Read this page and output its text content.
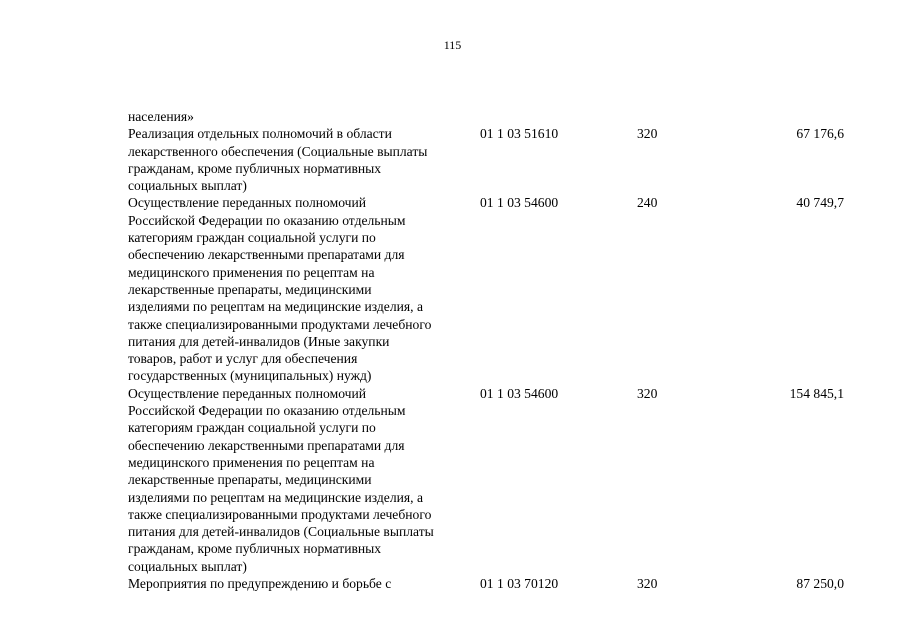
115
населения»
Реализация отдельных полномочий в области
лекарственного обеспечения (Социальные выплаты
гражданам, кроме публичных нормативных
социальных выплат)
01 1 03 51610	320	67 176,6
Осуществление переданных полномочий
Российской Федерации по оказанию отдельным
категориям граждан социальной услуги по
обеспечению лекарственными препаратами для
медицинского применения по рецептам на
лекарственные препараты, медицинскими
изделиями по рецептам на медицинские изделия, а
также специализированными продуктами лечебного
питания для детей-инвалидов (Иные закупки
товаров, работ и услуг для обеспечения
государственных (муниципальных) нужд)
01 1 03 54600	240	40 749,7
Осуществление переданных полномочий
Российской Федерации по оказанию отдельным
категориям граждан социальной услуги по
обеспечению лекарственными препаратами для
медицинского применения по рецептам на
лекарственные препараты, медицинскими
изделиями по рецептам на медицинские изделия, а
также специализированными продуктами лечебного
питания для детей-инвалидов (Социальные выплаты
гражданам, кроме публичных нормативных
социальных выплат)
01 1 03 54600	320	154 845,1
Мероприятия по предупреждению и борьбе с	01 1 03 70120	320	87 250,0
